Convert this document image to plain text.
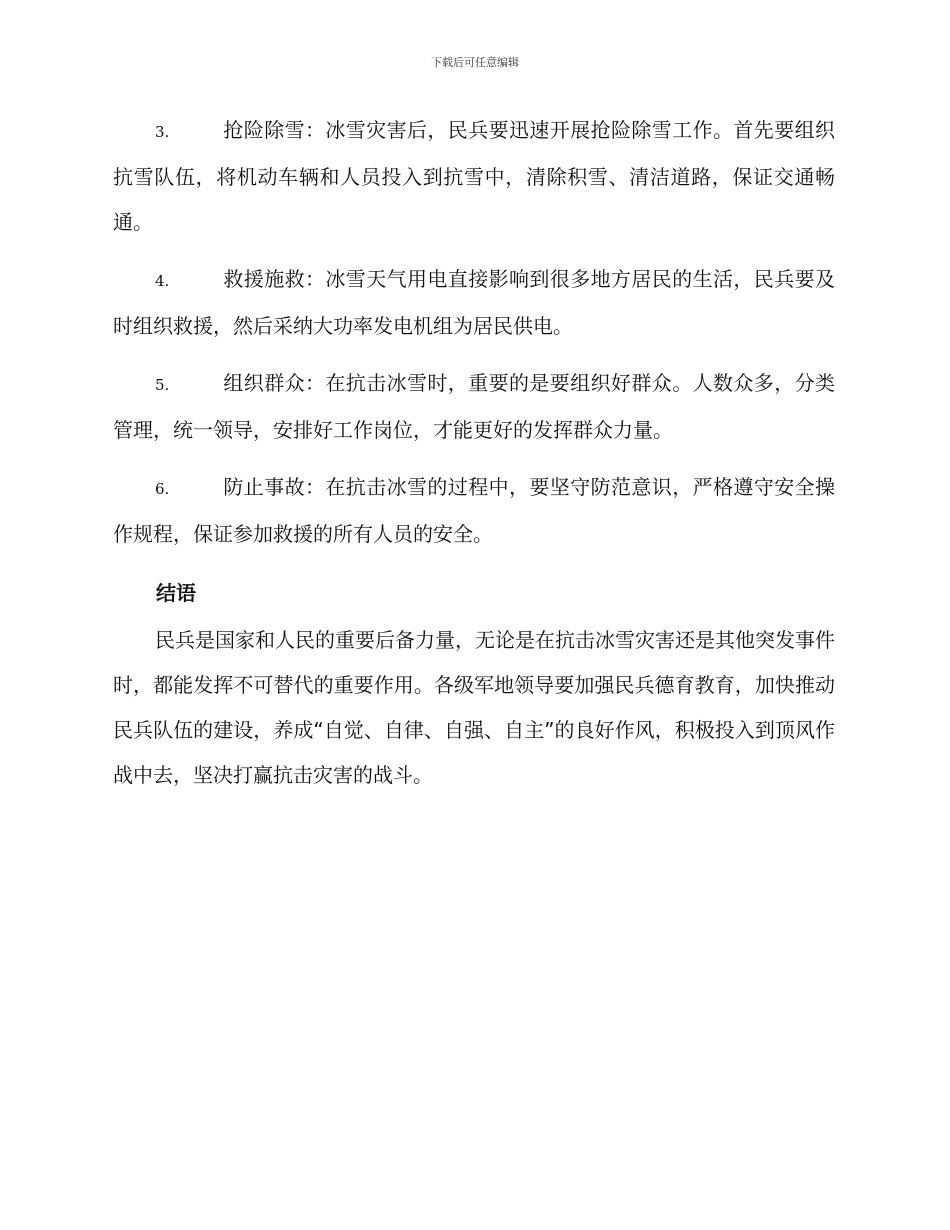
下载后可任意编辑

3.	抢险除雪：冰雪灾害后，民兵要迅速开展抢险除雪工作。首先要组织抗雪队伍，将机动车辆和人员投入到抗雪中，清除积雪、清洁道路，保证交通畅通。

4.	救援施救：冰雪天气用电直接影响到很多地方居民的生活，民兵要及时组织救援，然后采纳大功率发电机组为居民供电。

5.	组织群众：在抗击冰雪时，重要的是要组织好群众。人数众多，分类管理，统一领导，安排好工作岗位，才能更好的发挥群众力量。

6.	防止事故：在抗击冰雪的过程中，要坚守防范意识，严格遵守安全操作规程，保证参加救援的所有人员的安全。

结语

民兵是国家和人民的重要后备力量，无论是在抗击冰雪灾害还是其他突发事件时，都能发挥不可替代的重要作用。各级军地领导要加强民兵德育教育，加快推动民兵队伍的建设，养成“自觉、自律、自强、自主”的良好作风，积极投入到顶风作战中去，坚决打赢抗击灾害的战斗。
